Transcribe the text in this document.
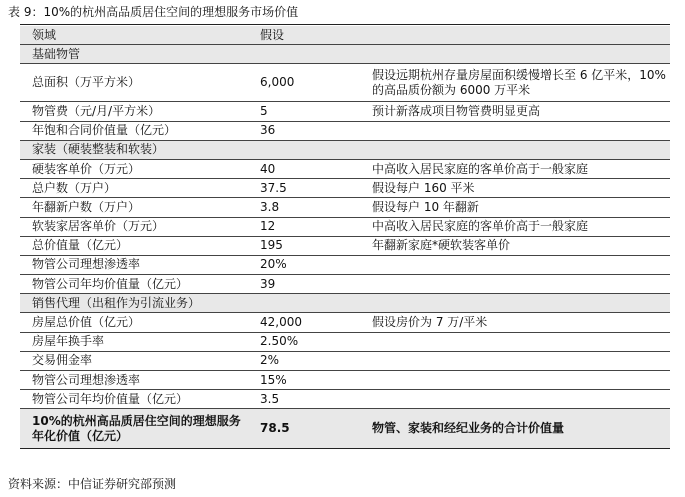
表 9：10%的杭州高品质居住空间的理想服务市场价值
领域	假设	
基础物管		
总面积（万平方米）	6,000	假设远期杭州存量房屋面积缓慢增长至 6 亿平米，10%的高品质份额为 6000 万平米
物管费（元/月/平方米）	5	预计新落成项目物管费明显更高
年饱和合同价值量（亿元）	36	
家装（硬装整装和软装）		
硬装客单价（万元）	40	中高收入居民家庭的客单价高于一般家庭
总户数（万户）	37.5	假设每户 160 平米
年翻新户数（万户）	3.8	假设每户 10 年翻新
软装家居客单价（万元）	12	中高收入居民家庭的客单价高于一般家庭
总价值量（亿元）	195	年翻新家庭*硬软装客单价
物管公司理想渗透率	20%	
物管公司年均价值量（亿元）	39	
销售代理（出租作为引流业务）		
房屋总价值（亿元）	42,000	假设房价为 7 万/平米
房屋年换手率	2.50%	
交易佣金率	2%	
物管公司理想渗透率	15%	
物管公司年均价值量（亿元）	3.5	
10%的杭州高品质居住空间的理想服务年化价值（亿元）	78.5	物管、家装和经纪业务的合计价值量
资料来源：中信证券研究部预测
